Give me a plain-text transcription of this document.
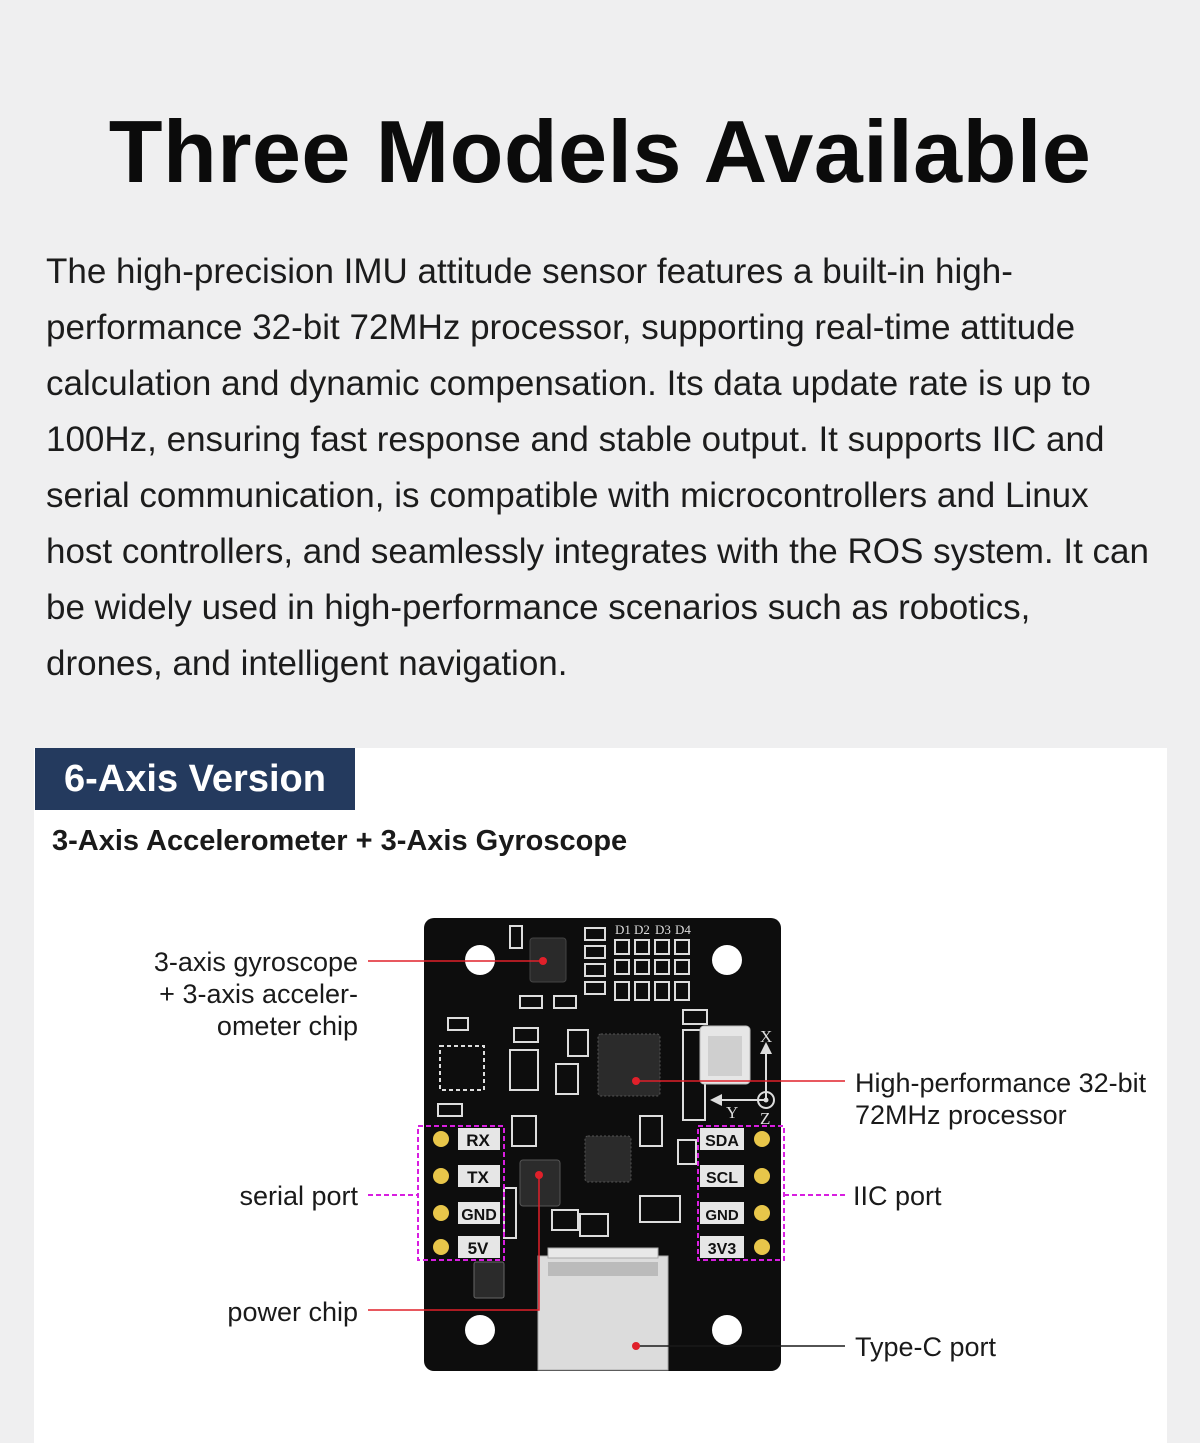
Three Models Available

The high-precision IMU attitude sensor features a built-in high-performance 32-bit 72MHz processor, supporting real-time attitude calculation and dynamic compensation. Its data update rate is up to 100Hz, ensuring fast response and stable output. It supports IIC and serial communication, is compatible with microcontrollers and Linux host controllers, and seamlessly integrates with the ROS system. It can be widely used in high-performance scenarios such as robotics, drones, and intelligent navigation.

6-Axis Version
3-Axis Accelerometer + 3-Axis Gyroscope
3-axis gyroscope
+ 3-axis acceler-
ometer chip
serial port
power chip
High-performance 32-bit
72MHz processor
IIC port
Type-C port
D1 D2 D3 D4
X
Y Z
RX
TX
GND
5V
SDA
SCL
GND
3V3
